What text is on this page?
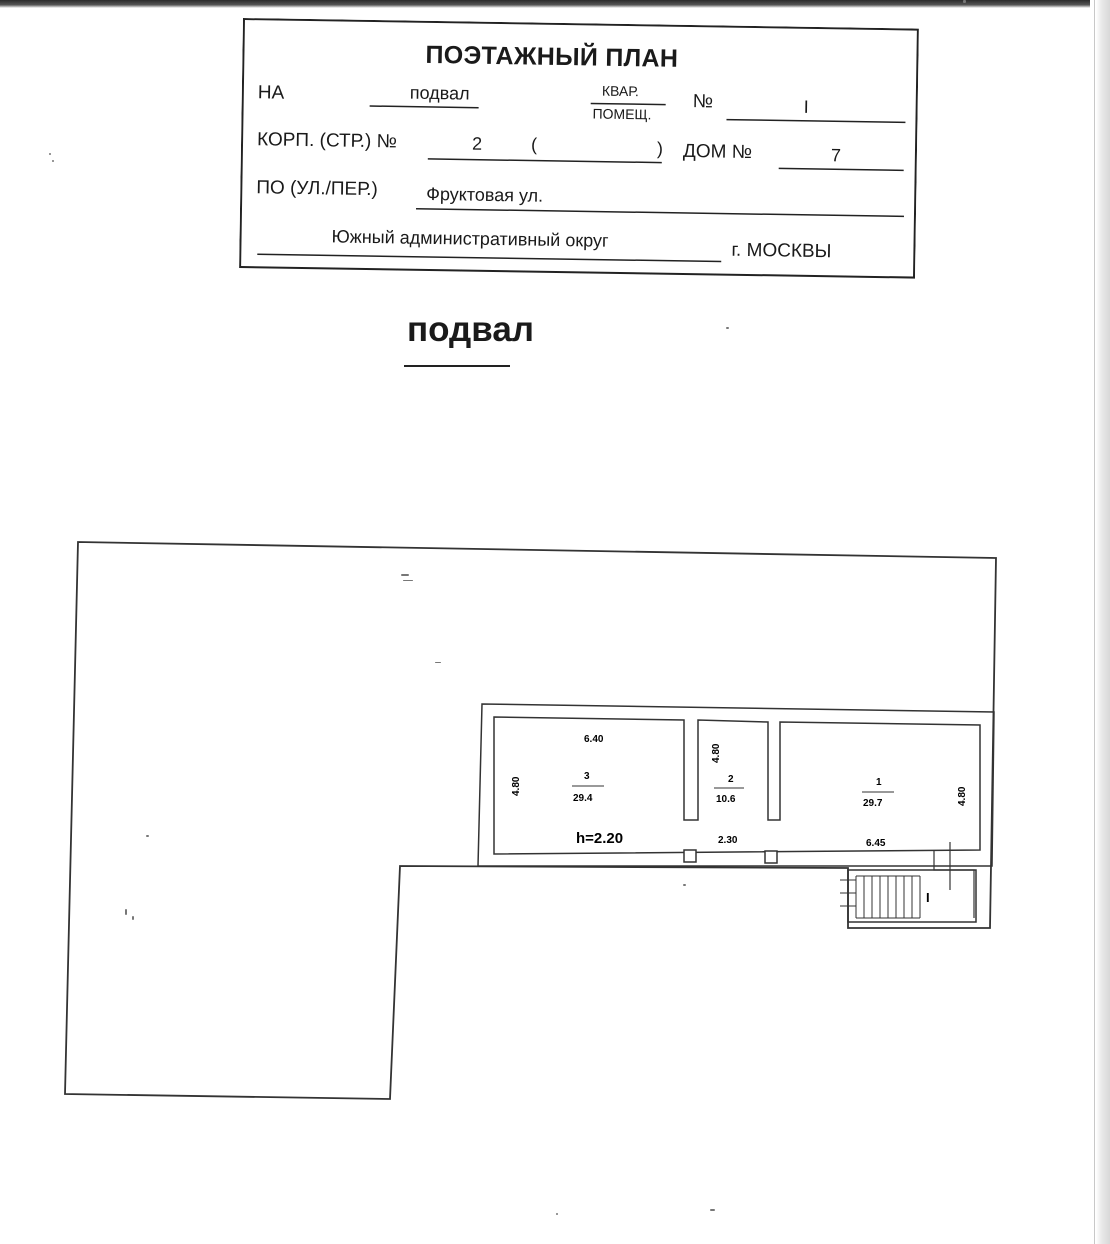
ПОЭТАЖНЫЙ ПЛАН
НА	подвал	КВАР.
ПОМЕЩ.
№	I
КОРП. (СТР.) №	2	(	) ДОМ №	7
ПО (УЛ./ПЕР.)	Фруктовая ул.
Южный административный округ
г. МОСКВЫ
подвал
6.40
4.80
3
29.4
h=2.20
4.80
2
10.6
2.30
1
29.7	4.80
6.45
I
